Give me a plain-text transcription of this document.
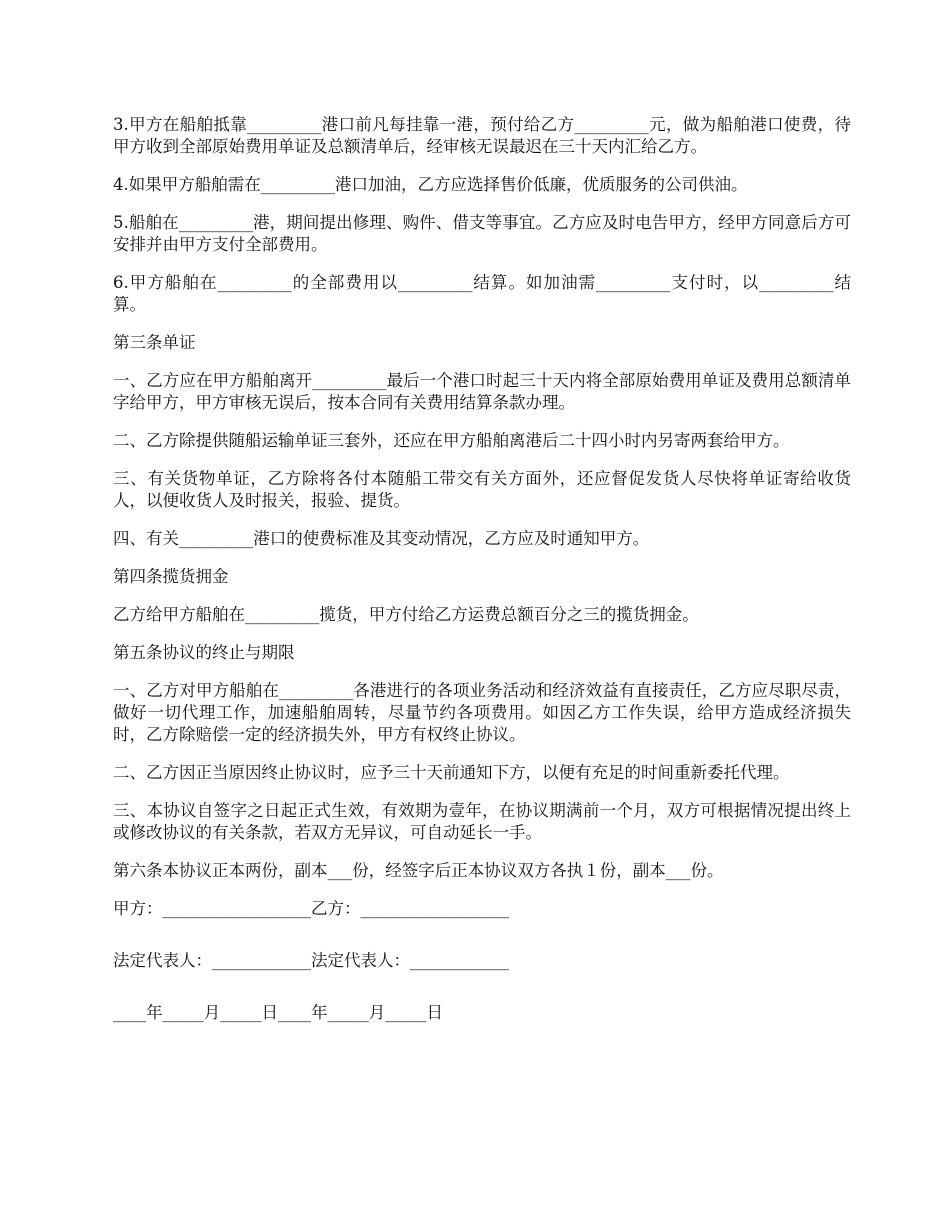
3.甲方在船舶抵靠_________港口前凡每挂靠一港，预付给乙方_________元，做为船舶港口使费，待甲方收到全部原始费用单证及总额清单后，经审核无误最迟在三十天内汇给乙方。

4.如果甲方船舶需在_________港口加油，乙方应选择售价低廉，优质服务的公司供油。

5.船舶在_________港，期间提出修理、购件、借支等事宜。乙方应及时电告甲方，经甲方同意后方可安排并由甲方支付全部费用。

6.甲方船舶在_________的全部费用以_________结算。如加油需_________支付时，以_________结算。

第三条单证

一、乙方应在甲方船舶离开_________最后一个港口时起三十天内将全部原始费用单证及费用总额清单字给甲方，甲方审核无误后，按本合同有关费用结算条款办理。

二、乙方除提供随船运输单证三套外，还应在甲方船舶离港后二十四小时内另寄两套给甲方。

三、有关货物单证，乙方除将各付本随船工带交有关方面外，还应督促发货人尽快将单证寄给收货人，以便收货人及时报关，报验、提货。

四、有关_________港口的使费标准及其变动情况，乙方应及时通知甲方。

第四条揽货拥金

乙方给甲方船舶在_________揽货，甲方付给乙方运费总额百分之三的揽货拥金。

第五条协议的终止与期限

一、乙方对甲方船舶在_________各港进行的各项业务活动和经济效益有直接责任，乙方应尽职尽责，做好一切代理工作，加速船舶周转，尽量节约各项费用。如因乙方工作失误，给甲方造成经济损失时，乙方除赔偿一定的经济损失外，甲方有权终止协议。

二、乙方因正当原因终止协议时，应予三十天前通知下方，以便有充足的时间重新委托代理。

三、本协议自签字之日起正式生效，有效期为壹年，在协议期满前一个月，双方可根据情况提出终上或修改协议的有关条款，若双方无异议，可自动延长一手。

第六条本协议正本两份，副本___份，经签字后正本协议双方各执１份，副本___份。

甲方：__________________乙方：__________________
法定代表人：____________法定代表人：____________
____年_____月_____日____年_____月_____日
